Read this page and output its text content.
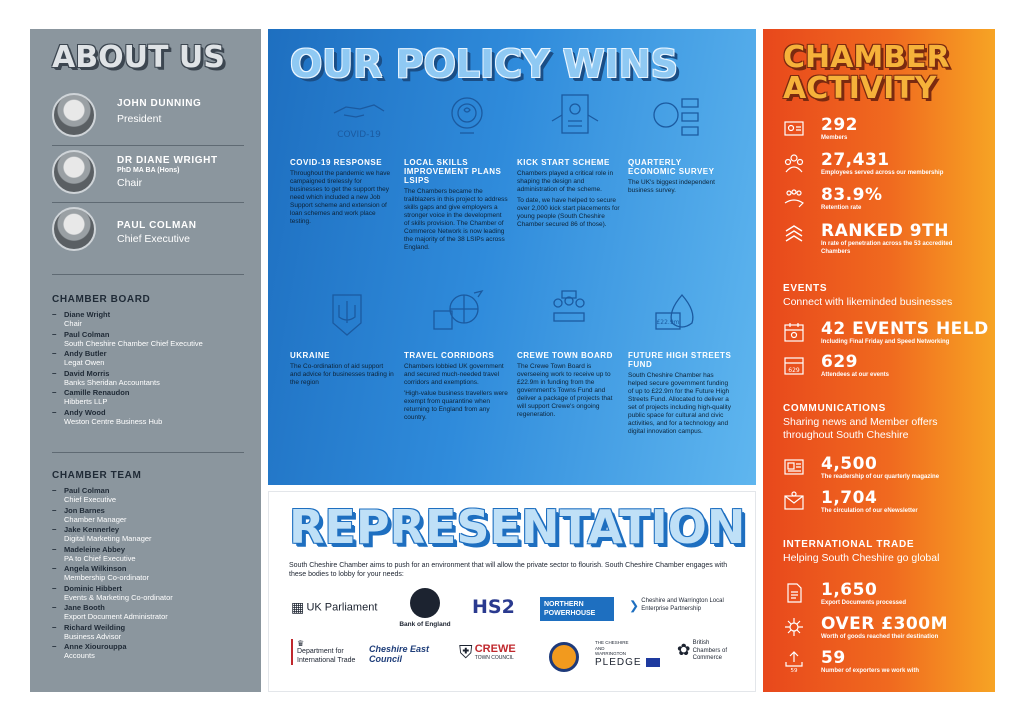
ABOUT US
JOHN DUNNING
President
DR DIANE WRIGHT
PhD MA BA (Hons)
Chair
PAUL COLMAN
Chief Executive
CHAMBER BOARD
– Diane Wright
Chair
– Paul Colman
South Cheshire Chamber Chief Executive
– Andy Butler
Legat Owen
– David Morris
Banks Sheridan Accountants
– Camille Renaudon
Hibberts LLP
– Andy Wood
Weston Centre Business Hub
CHAMBER TEAM
– Paul Colman
Chief Executive
– Jon Barnes
Chamber Manager
– Jake Kennerley
Digital Marketing Manager
– Madeleine Abbey
PA to Chief Executive
– Angela Wilkinson
Membership Co-ordinator
– Dominic Hibbert
Events & Marketing Co-ordinator
– Jane Booth
Export Document Administrator
– Richard Weilding
Business Advisor
– Anne Xiourouppa
Accounts
OUR POLICY WINS
COVID-19
COVID-19 RESPONSE
Throughout the pandemic we have campaigned tirelessly for businesses to get the support they need which included a new Job Support scheme and extension of loan schemes and work place testing.
LOCAL SKILLS IMPROVEMENT PLANS LSIPS
The Chambers became the trailblazers in this project to address skills gaps and give employers a stronger voice in the development of skills provision. The Chamber of Commerce Network is now leading the majority of the 38 LSIPs across England.
KICK START SCHEME
Chambers played a critical role in shaping the design and administration of the scheme.
To date, we have helped to secure over 2,000 kick start placements for young people (South Cheshire Chamber secured 86 of those).
QUARTERLY ECONOMIC SURVEY
The UK's biggest independent business survey.
£22.9m
UKRAINE
The Co-ordination of aid support and advice for businesses trading in the region
TRAVEL CORRIDORS
Chambers lobbied UK government and secured much-needed travel corridors and exemptions.
'High-value business travellers were exempt from quarantine when returning to England from any country.
CREWE TOWN BOARD
The Crewe Town Board is overseeing work to receive up to £22.9m in funding from the government's Towns Fund and deliver a package of projects that will support Crewe's ongoing regeneration.
FUTURE HIGH STREETS FUND
South Cheshire Chamber has helped secure government funding of up to £22.9m for the Future High Streets Fund. Allocated to deliver a set of projects including high-quality public space for cultural and civic activities, and for a technology and digital innovation campus.
REPRESENTATION
South Cheshire Chamber aims to push for an environment that will allow the private sector to flourish. South Cheshire Chamber engages with these bodies to lobby for your needs:
▦ UK Parliament
Bank of England
HS2	NORTHERN POWERHOUSE
❯ Cheshire and Warrington Local Enterprise Partnership
♛
Department for International Trade
Cheshire East Council	⛨ CREWE
TOWN COUNCIL
THE CHESHIRE AND WARRINGTON
PLEDGE
✿ British Chambers of Commerce
CHAMBER
ACTIVITY
292
Members
27,431
Employees served across our membership
83.9%
Retention rate
RANKED 9TH
In rate of penetration across the 53 accredited Chambers
EVENTS
Connect with likeminded businesses
42 EVENTS HELD
Including Final Friday and Speed Networking
629 629
Attendees at our events
COMMUNICATIONS
Sharing news and Member offers throughout South Cheshire
4,500
The readership of our quarterly magazine
1,704
The circulation of our eNewsletter
INTERNATIONAL TRADE
Helping South Cheshire go global
1,650
Export Documents processed
OVER £300M
Worth of goods reached their destination
59
59
Number of exporters we work with
